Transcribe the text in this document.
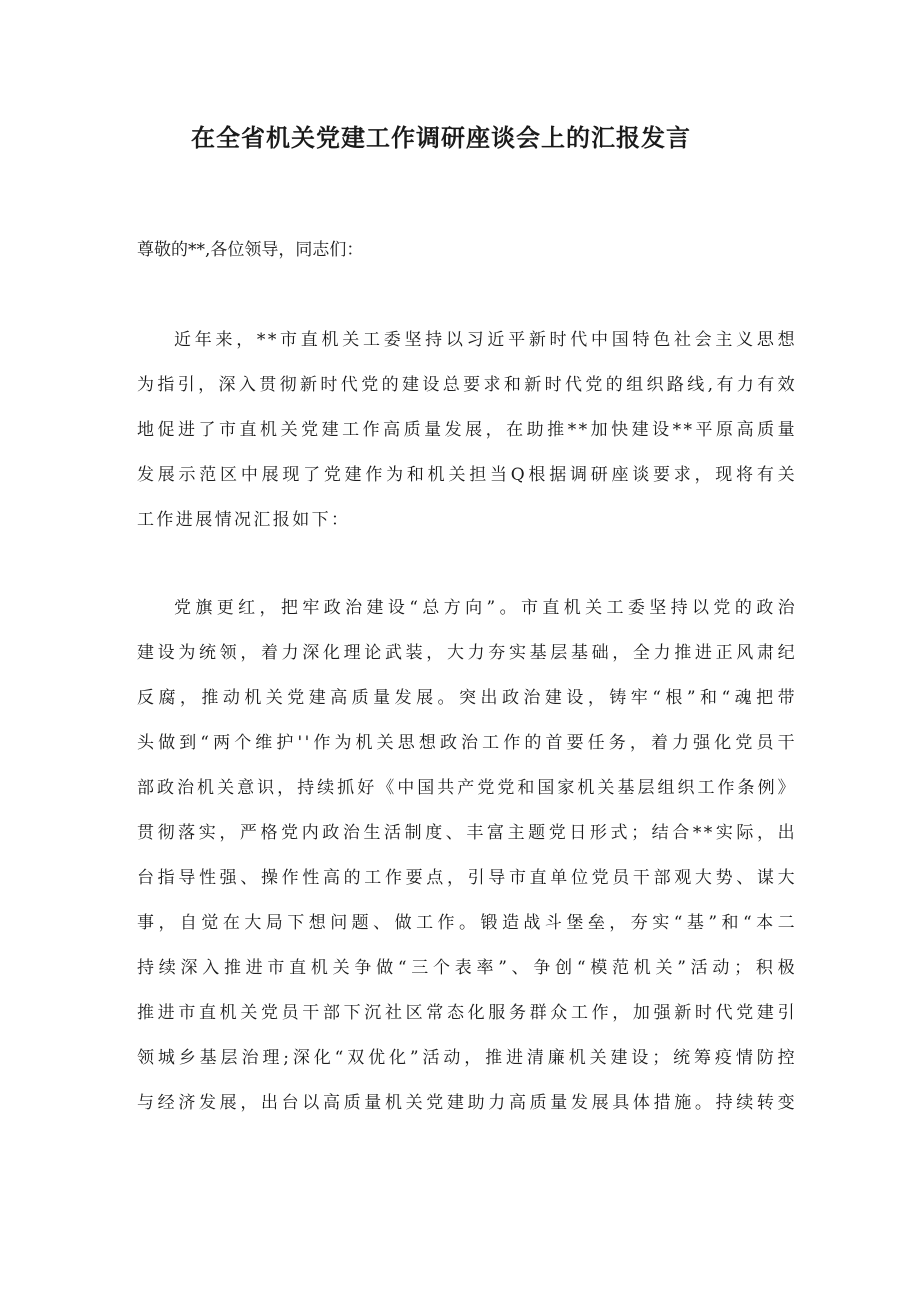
在全省机关党建工作调研座谈会上的汇报发言
尊敬的**,各位领导，同志们：
近年来，**市直机关工委坚持以习近平新时代中国特色社会主义思想
为指引，深入贯彻新时代党的建设总要求和新时代党的组织路线,有力有效
地促进了市直机关党建工作高质量发展，在助推**加快建设**平原高质量
发展示范区中展现了党建作为和机关担当Q根据调研座谈要求，现将有关
工作进展情况汇报如下：
党旗更红，把牢政治建设“总方向”。市直机关工委坚持以党的政治
建设为统领，着力深化理论武装，大力夯实基层基础，全力推进正风肃纪
反腐，推动机关党建高质量发展。突出政治建设，铸牢“根”和“魂把带
头做到“两个维护''作为机关思想政治工作的首要任务，着力强化党员干
部政治机关意识，持续抓好《中国共产党党和国家机关基层组织工作条例》
贯彻落实，严格党内政治生活制度、丰富主题党日形式；结合**实际，出
台指导性强、操作性高的工作要点，引导市直单位党员干部观大势、谋大
事，自觉在大局下想问题、做工作。锻造战斗堡垒，夯实“基”和“本二
持续深入推进市直机关争做“三个表率”、争创“模范机关”活动；积极
推进市直机关党员干部下沉社区常态化服务群众工作，加强新时代党建引
领城乡基层治理;深化“双优化”活动，推进清廉机关建设；统筹疫情防控
与经济发展，出台以高质量机关党建助力高质量发展具体措施。持续转变
